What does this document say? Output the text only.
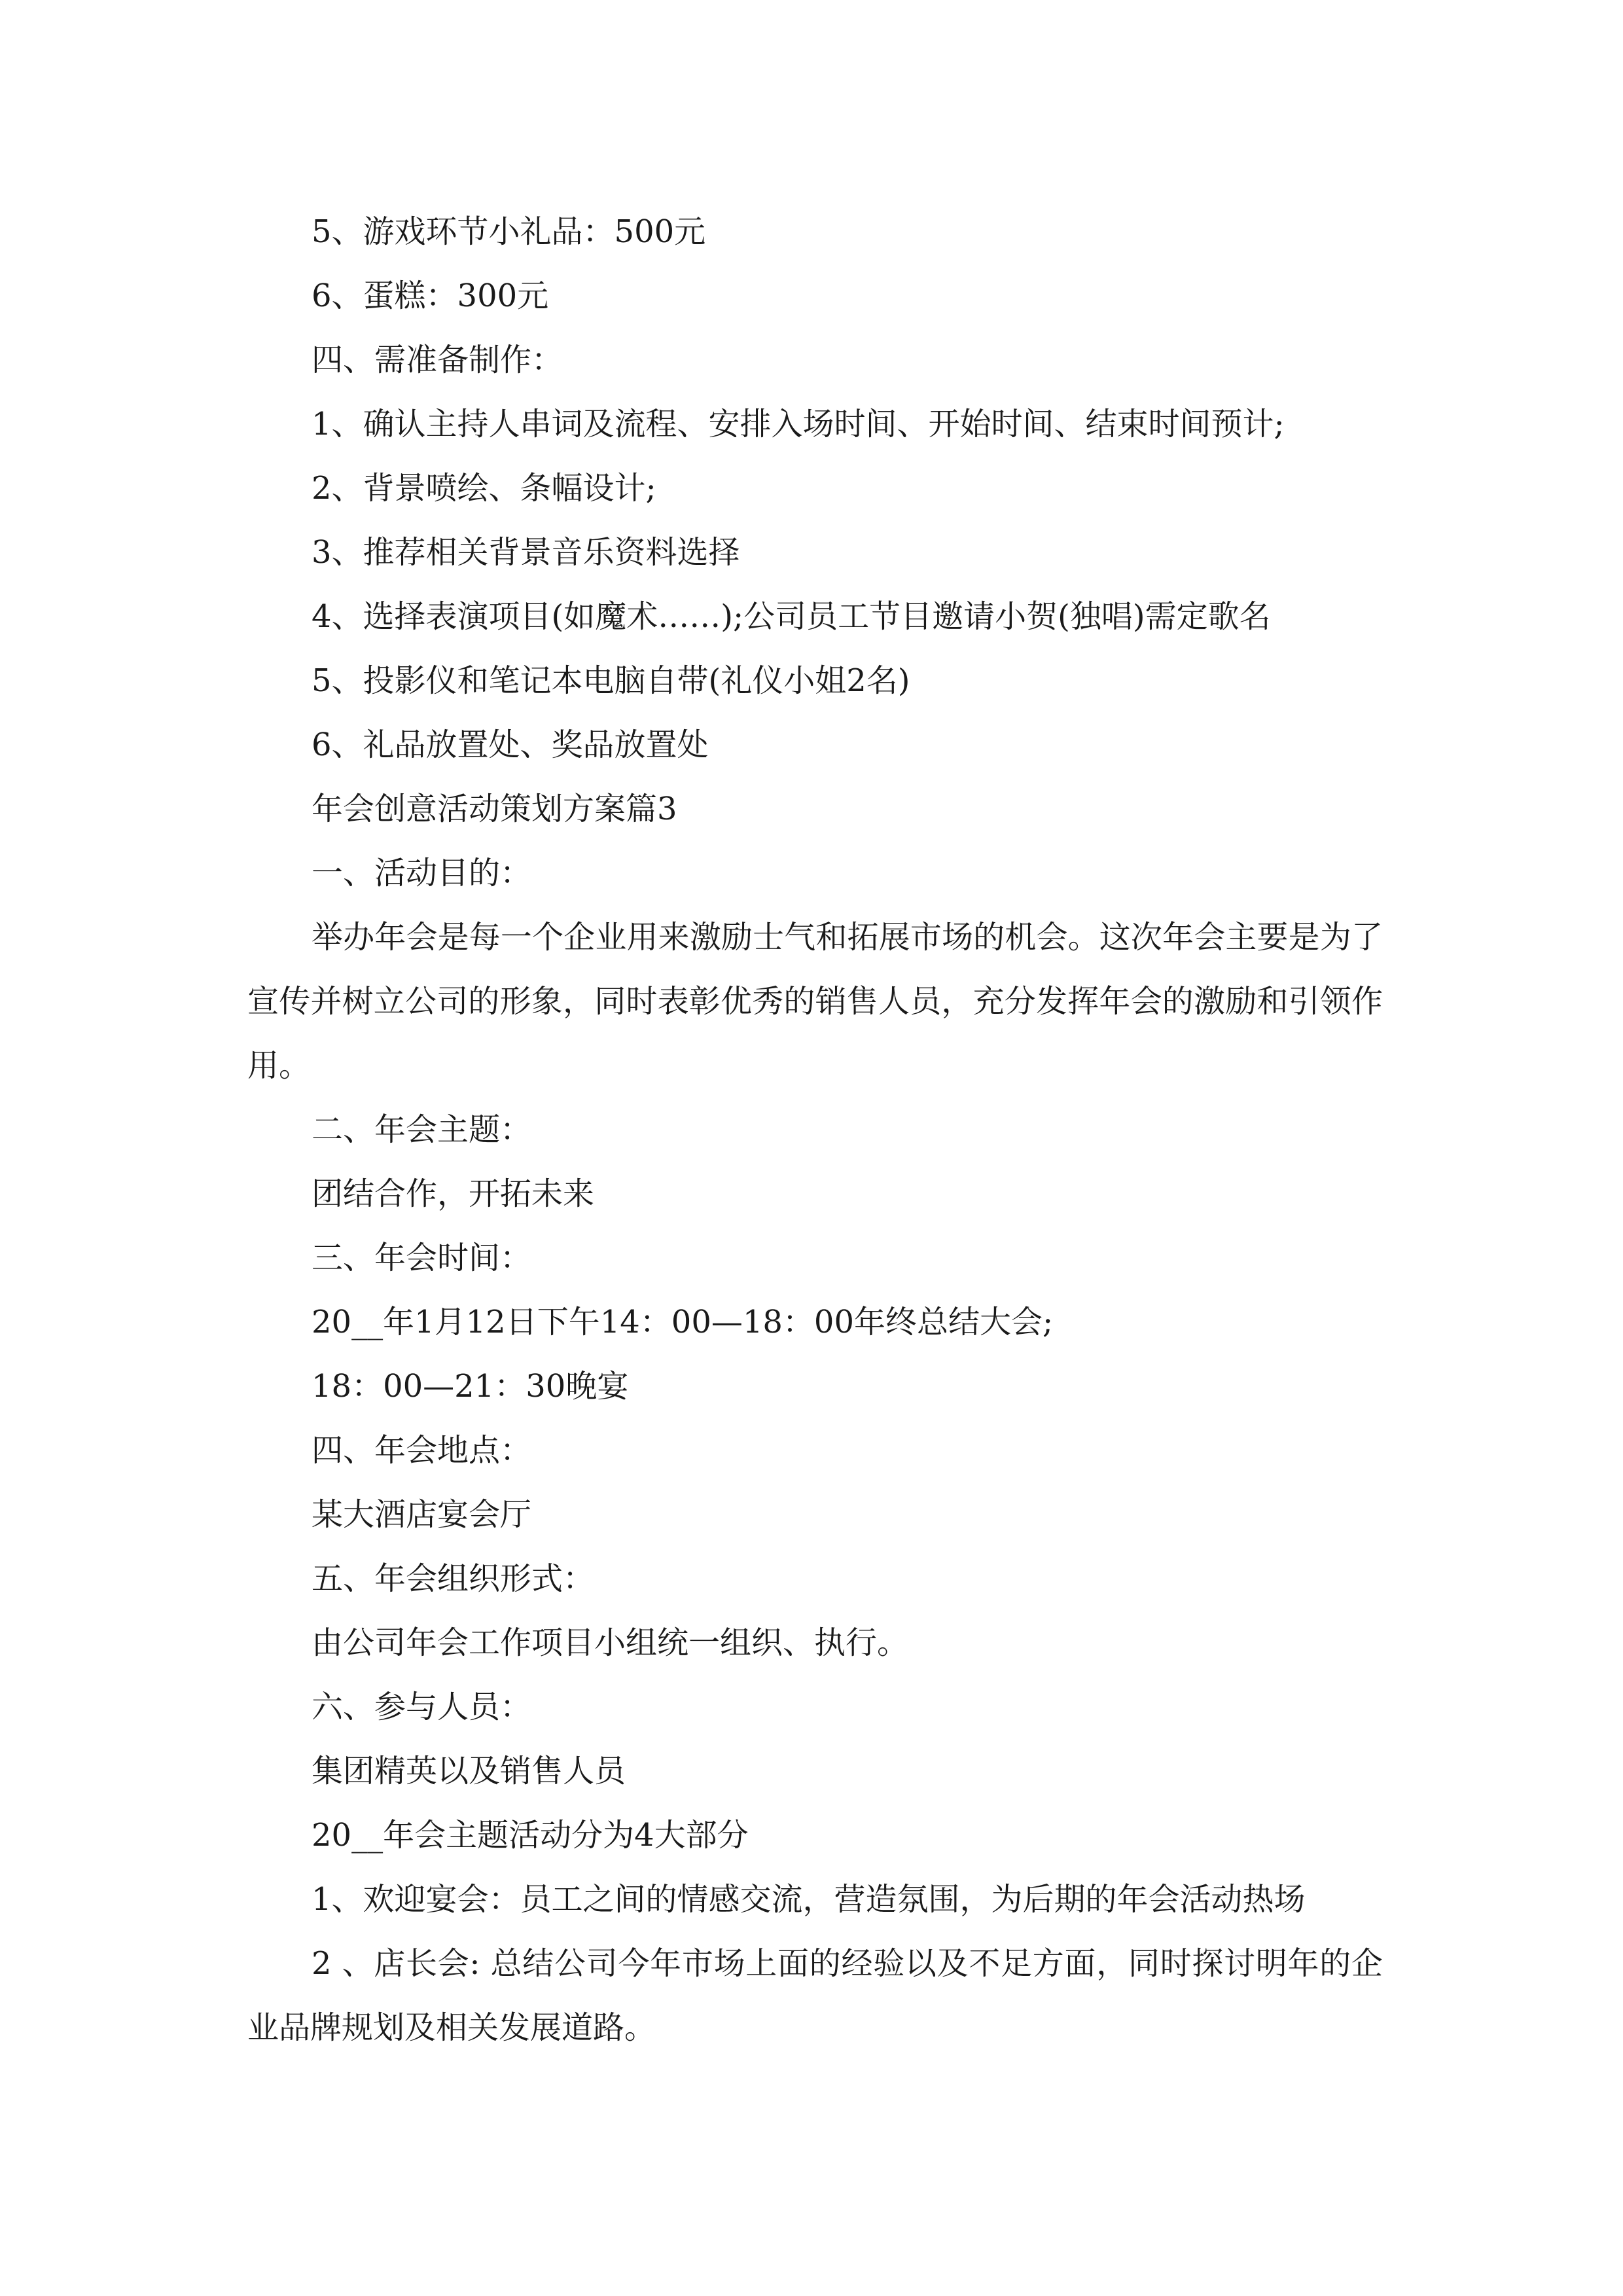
5、游戏环节小礼品：500元
6、蛋糕：300元
四、需准备制作：
1、确认主持人串词及流程、安排入场时间、开始时间、结束时间预计;
2、背景喷绘、条幅设计;
3、推荐相关背景音乐资料选择
4、选择表演项目(如魔术……);公司员工节目邀请小贺(独唱)需定歌名
5、投影仪和笔记本电脑自带(礼仪小姐2名)
6、礼品放置处、奖品放置处
年会创意活动策划方案篇3
一、活动目的：
举办年会是每一个企业用来激励士气和拓展市场的机会。这次年会主要是为了宣传并树立公司的形象，同时表彰优秀的销售人员，充分发挥年会的激励和引领作用。
二、年会主题：
团结合作，开拓未来
三、年会时间：
20__年1月12日下午14：00—18：00年终总结大会;
18：00—21：30晚宴
四、年会地点：
某大酒店宴会厅
五、年会组织形式：
由公司年会工作项目小组统一组织、执行。
六、参与人员：
集团精英以及销售人员
20__年会主题活动分为4大部分
1、欢迎宴会：员工之间的情感交流，营造氛围，为后期的年会活动热场
2 、店长会: 总结公司今年市场上面的经验以及不足方面，同时探讨明年的企业品牌规划及相关发展道路。
